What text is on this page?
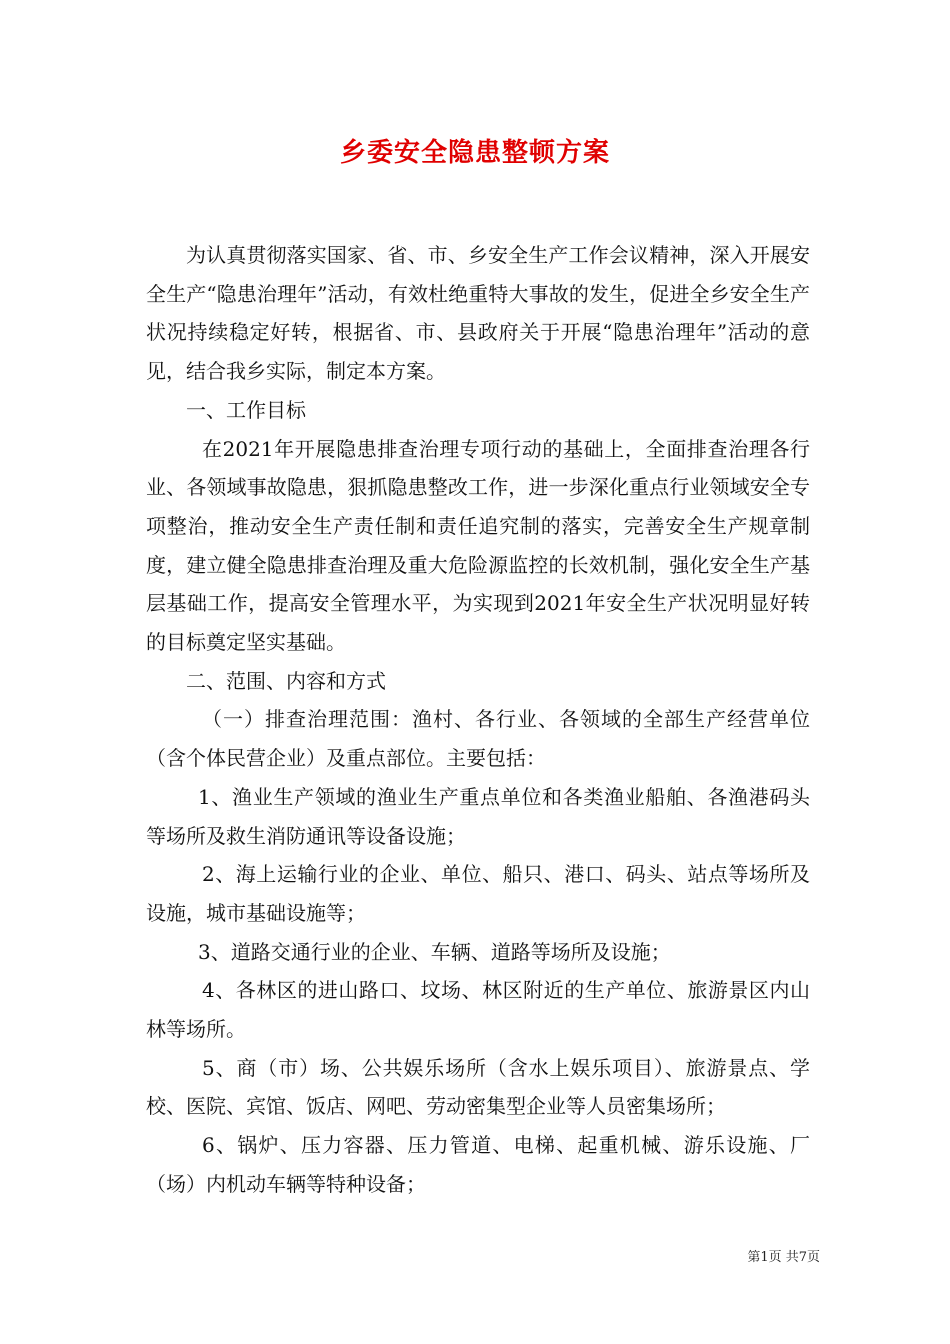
乡委安全隐患整顿方案

为认真贯彻落实国家、省、市、乡安全生产工作会议精神，深入开展安全生产“隐患治理年”活动，有效杜绝重特大事故的发生，促进全乡安全生产状况持续稳定好转，根据省、市、县政府关于开展“隐患治理年”活动的意见，结合我乡实际，制定本方案。

一、工作目标

在2021年开展隐患排查治理专项行动的基础上，全面排查治理各行业、各领域事故隐患，狠抓隐患整改工作，进一步深化重点行业领域安全专项整治，推动安全生产责任制和责任追究制的落实，完善安全生产规章制度，建立健全隐患排查治理及重大危险源监控的长效机制，强化安全生产基层基础工作，提高安全管理水平，为实现到2021年安全生产状况明显好转的目标奠定坚实基础。

二、范围、内容和方式

（一）排查治理范围：渔村、各行业、各领域的全部生产经营单位（含个体民营企业）及重点部位。主要包括：

1、渔业生产领域的渔业生产重点单位和各类渔业船舶、各渔港码头等场所及救生消防通讯等设备设施；

2、海上运输行业的企业、单位、船只、港口、码头、站点等场所及设施，城市基础设施等；

3、道路交通行业的企业、车辆、道路等场所及设施；

4、各林区的进山路口、坟场、林区附近的生产单位、旅游景区内山林等场所。

5、商（市）场、公共娱乐场所（含水上娱乐项目）、旅游景点、学校、医院、宾馆、饭店、网吧、劳动密集型企业等人员密集场所；

6、锅炉、压力容器、压力管道、电梯、起重机械、游乐设施、厂（场）内机动车辆等特种设备；

第1页 共7页
